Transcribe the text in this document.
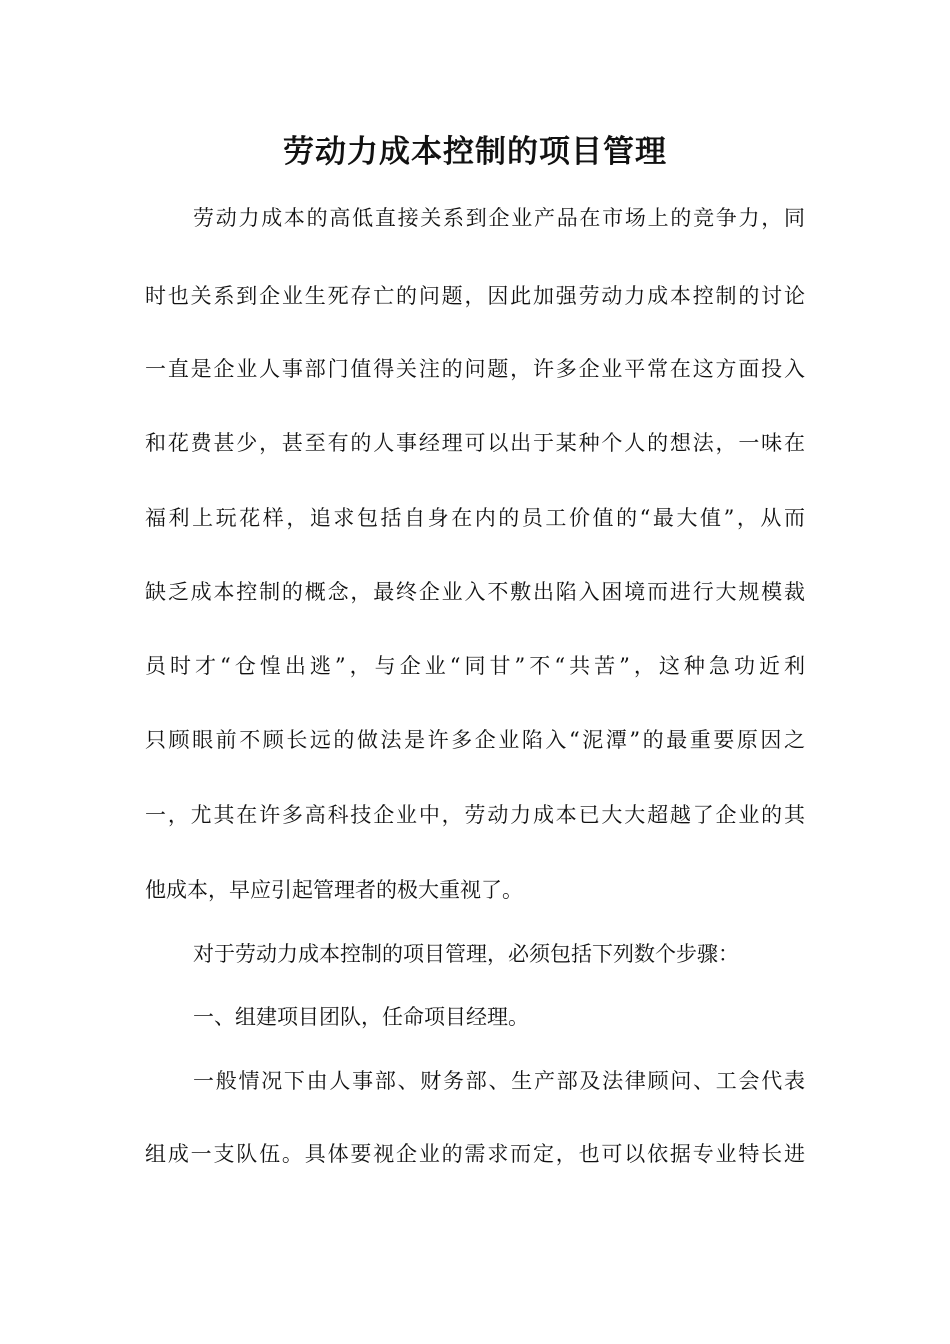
劳动力成本控制的项目管理
劳动力成本的高低直接关系到企业产品在市场上的竞争力，同
时也关系到企业生死存亡的问题，因此加强劳动力成本控制的讨论
一直是企业人事部门值得关注的问题，许多企业平常在这方面投入
和花费甚少，甚至有的人事经理可以出于某种个人的想法，一味在
福利上玩花样，追求包括自身在内的员工价值的“最大值”，从而
缺乏成本控制的概念，最终企业入不敷出陷入困境而进行大规模裁
员时才“仓惶出逃”，与企业“同甘”不“共苦”，这种急功近利
只顾眼前不顾长远的做法是许多企业陷入“泥潭”的最重要原因之
一，尤其在许多高科技企业中，劳动力成本已大大超越了企业的其
他成本，早应引起管理者的极大重视了。
对于劳动力成本控制的项目管理，必须包括下列数个步骤：
一、组建项目团队，任命项目经理。
一般情况下由人事部、财务部、生产部及法律顾问、工会代表
组成一支队伍。具体要视企业的需求而定，也可以依据专业特长进
